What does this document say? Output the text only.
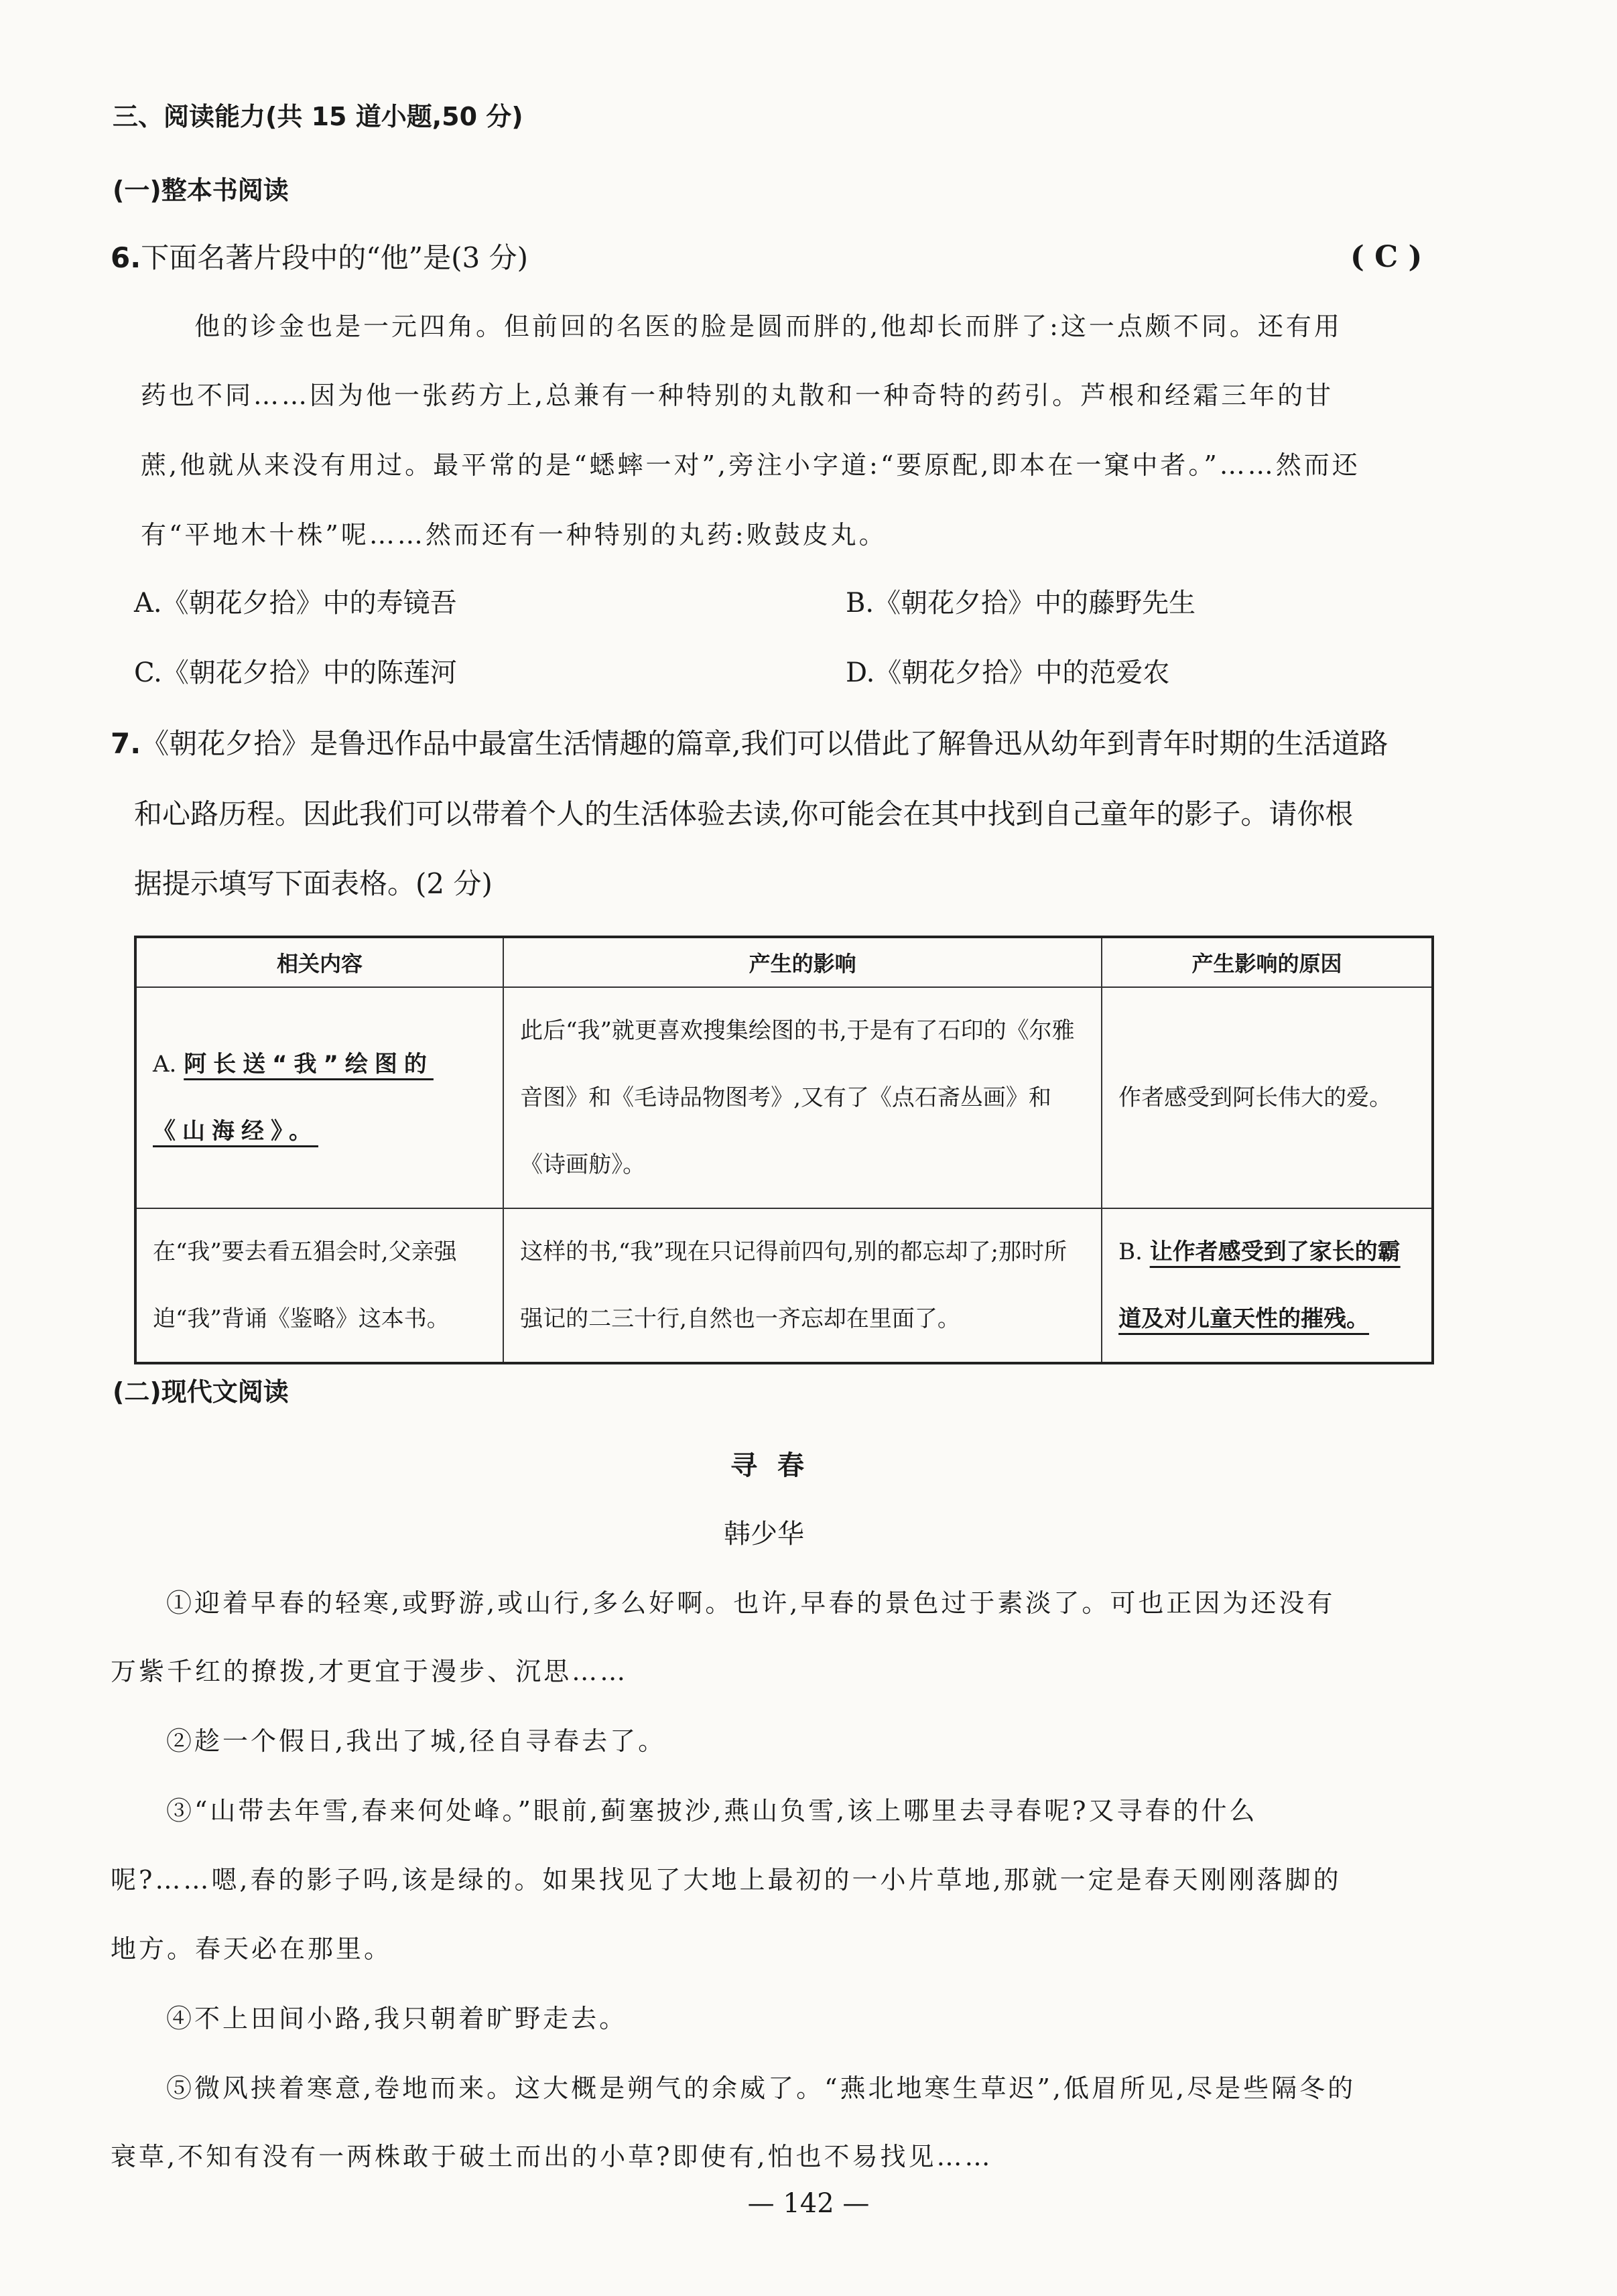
三、阅读能力(共 15 道小题,50 分)
(一)整本书阅读
6.下面名著片段中的“他”是(3 分)	( C )
他的诊金也是一元四角。但前回的名医的脸是圆而胖的,他却长而胖了:这一点颇不同。还有用
药也不同……因为他一张药方上,总兼有一种特别的丸散和一种奇特的药引。芦根和经霜三年的甘
蔗,他就从来没有用过。最平常的是“蟋蟀一对”,旁注小字道:“要原配,即本在一窠中者。”……然而还
有“平地木十株”呢……然而还有一种特别的丸药:败鼓皮丸。
A.《朝花夕拾》中的寿镜吾	B.《朝花夕拾》中的藤野先生
C.《朝花夕拾》中的陈莲河	D.《朝花夕拾》中的范爱农
7.《朝花夕拾》是鲁迅作品中最富生活情趣的篇章,我们可以借此了解鲁迅从幼年到青年时期的生活道路
和心路历程。因此我们可以带着个人的生活体验去读,你可能会在其中找到自己童年的影子。请你根
据提示填写下面表格。(2 分)
相关内容	产生的影响	产生影响的原因
A. 阿长送“我”绘图的《山海经》。	此后“我”就更喜欢搜集绘图的书,于是有了石印的《尔雅音图》和《毛诗品物图考》,又有了《点石斋丛画》和《诗画舫》。	作者感受到阿长伟大的爱。
在“我”要去看五猖会时,父亲强迫“我”背诵《鉴略》这本书。	这样的书,“我”现在只记得前四句,别的都忘却了;那时所强记的二三十行,自然也一齐忘却在里面了。	B. 让作者感受到了家长的霸道及对儿童天性的摧残。
(二)现代文阅读
寻春
韩少华
①迎着早春的轻寒,或野游,或山行,多么好啊。也许,早春的景色过于素淡了。可也正因为还没有
万紫千红的撩拨,才更宜于漫步、沉思……
②趁一个假日,我出了城,径自寻春去了。
③“山带去年雪,春来何处峰。”眼前,蓟塞披沙,燕山负雪,该上哪里去寻春呢?又寻春的什么
呢?……嗯,春的影子吗,该是绿的。如果找见了大地上最初的一小片草地,那就一定是春天刚刚落脚的
地方。春天必在那里。
④不上田间小路,我只朝着旷野走去。
⑤微风挟着寒意,卷地而来。这大概是朔气的余威了。“燕北地寒生草迟”,低眉所见,尽是些隔冬的
衰草,不知有没有一两株敢于破土而出的小草?即使有,怕也不易找见……
— 142 —
